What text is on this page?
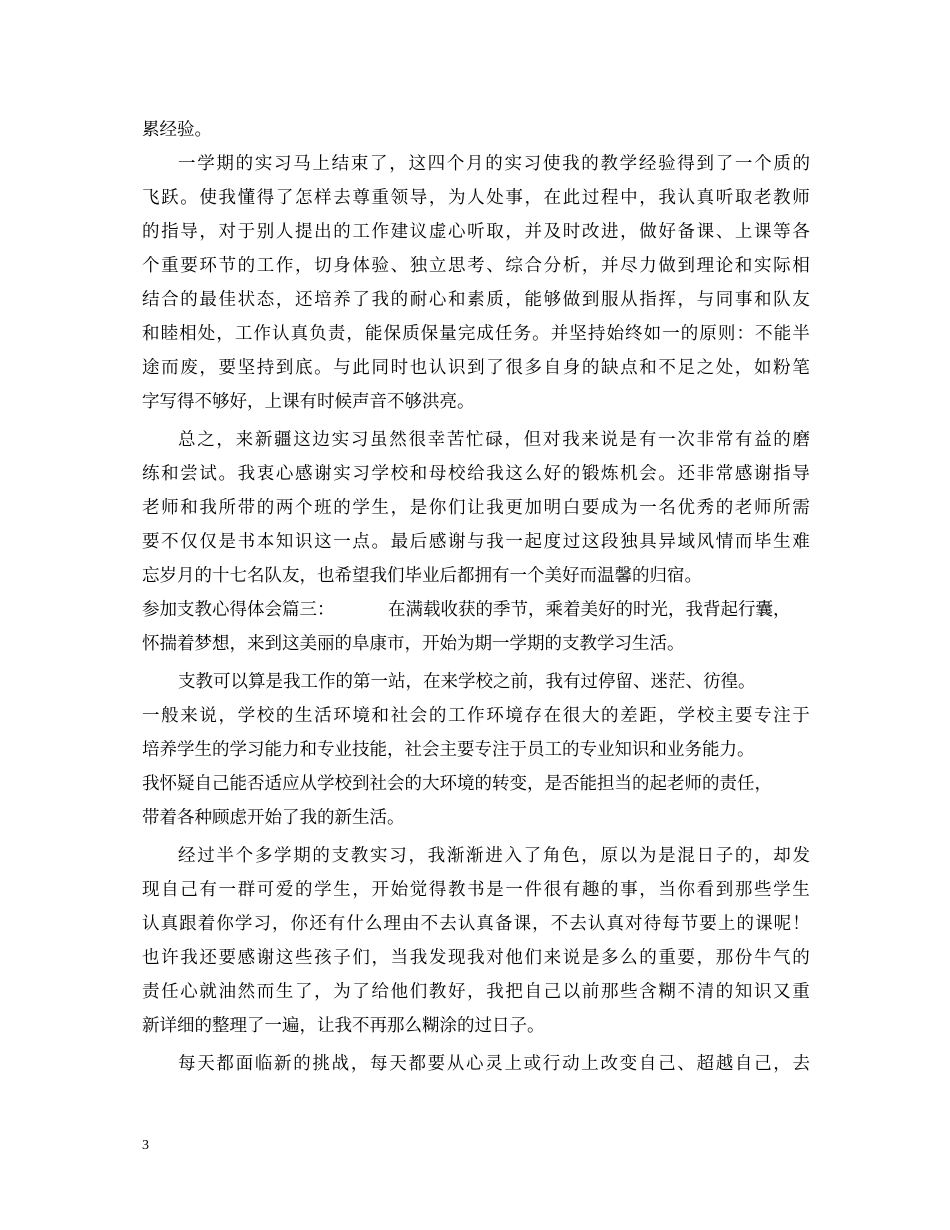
累经验。
一 学 期 的 实 习 马 上 结 束 了 ， 这 四 个 月 的 实 习 使 我 的 教 学 经 验 得 到 了 一 个 质 的
飞 跃 。 使 我 懂 得 了 怎 样 去 尊 重 领 导 ， 为 人 处 事 ， 在 此 过 程 中 ， 我 认 真 听 取 老 教 师
的 指 导 ， 对 于 别 人 提 出 的 工 作 建 议 虚 心 听 取 ， 并 及 时 改 进 ， 做 好 备 课 、 上 课 等 各
个 重 要 环 节 的 工 作 ， 切 身 体 验 、 独 立 思 考 、 综 合 分 析 ， 并 尽 力 做 到 理 论 和 实 际 相
结 合 的 最 佳 状 态 ， 还 培 养 了 我 的 耐 心 和 素 质 ， 能 够 做 到 服 从 指 挥 ， 与 同 事 和 队 友
和 睦 相 处 ， 工 作 认 真 负 责 ， 能 保 质 保 量 完 成 任 务 。 并 坚 持 始 终 如 一 的 原 则 ： 不 能 半
途 而 废 ， 要 坚 持 到 底 。 与 此 同 时 也 认 识 到 了 很 多 自 身 的 缺 点 和 不 足 之 处 ， 如 粉 笔
字写得不够好，上课有时候声音不够洪亮。
总 之 ， 来 新 疆 这 边 实 习 虽 然 很 幸 苦 忙 碌 ， 但 对 我 来 说 是 有 一 次 非 常 有 益 的 磨
练 和 尝 试 。 我 衷 心 感 谢 实 习 学 校 和 母 校 给 我 这 么 好 的 锻 炼 机 会 。 还 非 常 感 谢 指 导
老 师 和 我 所 带 的 两 个 班 的 学 生 ， 是 你 们 让 我 更 加 明 白 要 成 为 一 名 优 秀 的 老 师 所 需
要 不 仅 仅 是 书 本 知 识 这 一 点 。 最 后 感 谢 与 我 一 起 度 过 这 段 独 具 异 域 风 情 而 毕 生 难
忘岁月的十七名队友，也希望我们毕业后都拥有一个美好而温馨的归宿。
参加支教心得体会篇三：	在满载收获的季节，乘着美好的时光，我背起行囊，
怀揣着梦想，来到这美丽的阜康市，开始为期一学期的支教学习生活。
支教可以算是我工作的第一站，在来学校之前，我有过停留、迷茫、彷徨。
一 般 来 说 ， 学 校 的 生 活 环 境 和 社 会 的 工 作 环 境 存 在 很 大 的 差 距 ， 学 校 主 要 专 注 于
培养学生的学习能力和专业技能，社会主要专注于员工的专业知识和业务能力。
我怀疑自己能否适应从学校到社会的大环境的转变，是否能担当的起老师的责任，
带着各种顾虑开始了我的新生活。
经 过 半 个 多 学 期 的 支 教 实 习 ， 我 渐 渐 进 入 了 角 色 ， 原 以 为 是 混 日 子 的 ， 却 发
现 自 己 有 一 群 可 爱 的 学 生 ， 开 始 觉 得 教 书 是 一 件 很 有 趣 的 事 ， 当 你 看 到 那 些 学 生
认 真 跟 着 你 学 习 ， 你 还 有 什 么 理 由 不 去 认 真 备 课 ， 不 去 认 真 对 待 每 节 要 上 的 课 呢 ！
也 许 我 还 要 感 谢 这 些 孩 子 们 ， 当 我 发 现 我 对 他 们 来 说 是 多 么 的 重 要 ， 那 份 牛 气 的
责 任 心 就 油 然 而 生 了 ， 为 了 给 他 们 教 好 ， 我 把 自 己 以 前 那 些 含 糊 不 清 的 知 识 又 重
新详细的整理了一遍，让我不再那么糊涂的过日子。
每 天 都 面 临 新 的 挑 战 ， 每 天 都 要 从 心 灵 上 或 行 动 上 改 变 自 己 、 超 越 自 己 ， 去
3
